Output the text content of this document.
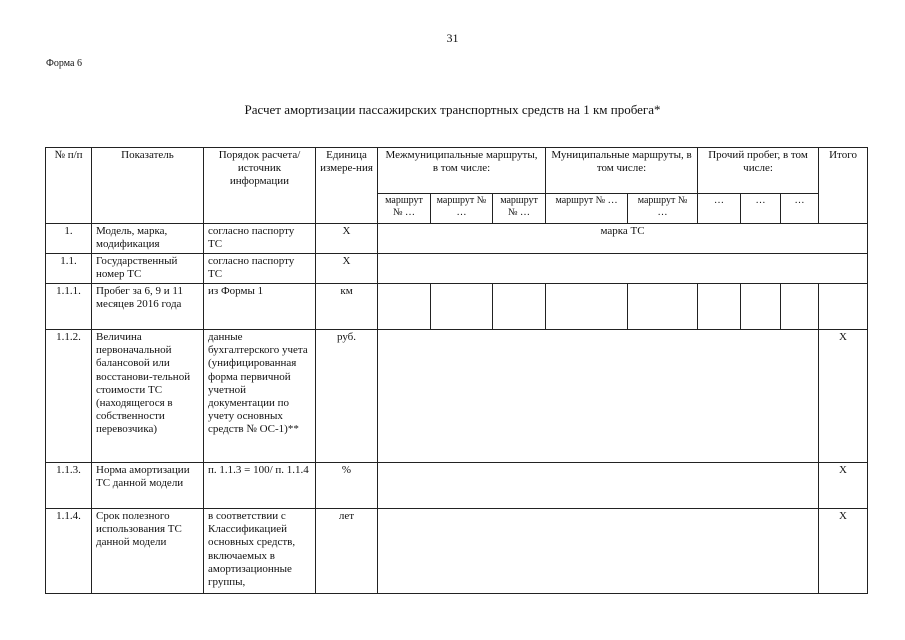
31
Форма 6
Расчет амортизации пассажирских транспортных средств на 1 км пробега*
№ п/п	Показатель	Порядок расчета/источник информации	Единица измере-ния	Межмуниципальные маршруты, в том числе:			Муниципальные маршруты, в том числе:		Прочий пробег, в том числе:			Итого
				маршрут № …	маршрут № …	маршрут № …	маршрут № …	маршрут № …	…	…	…	
1.	Модель, марка, модификация	согласно паспорту ТС	Х	марка ТС								
1.1.	Государственный номер ТС	согласно паспорту ТС	Х									
1.1.1.	Пробег за 6, 9 и 11 месяцев 2016 года	из Формы 1	км									
1.1.2.	Величина первоначальной балансовой или восстанови-тельной стоимости ТС (находящегося в собственности перевозчика)	данные бухгалтерского учета (унифицированная форма первичной учетной документации по учету основных средств № ОС-1)**	руб.									Х
1.1.3.	Норма амортизации ТС данной модели	п. 1.1.3 = 100/ п. 1.1.4	%									Х
1.1.4.	Срок полезного использования ТС данной модели	в соответствии с Классификацией основных средств, включаемых в амортизационные группы,	лет									Х
